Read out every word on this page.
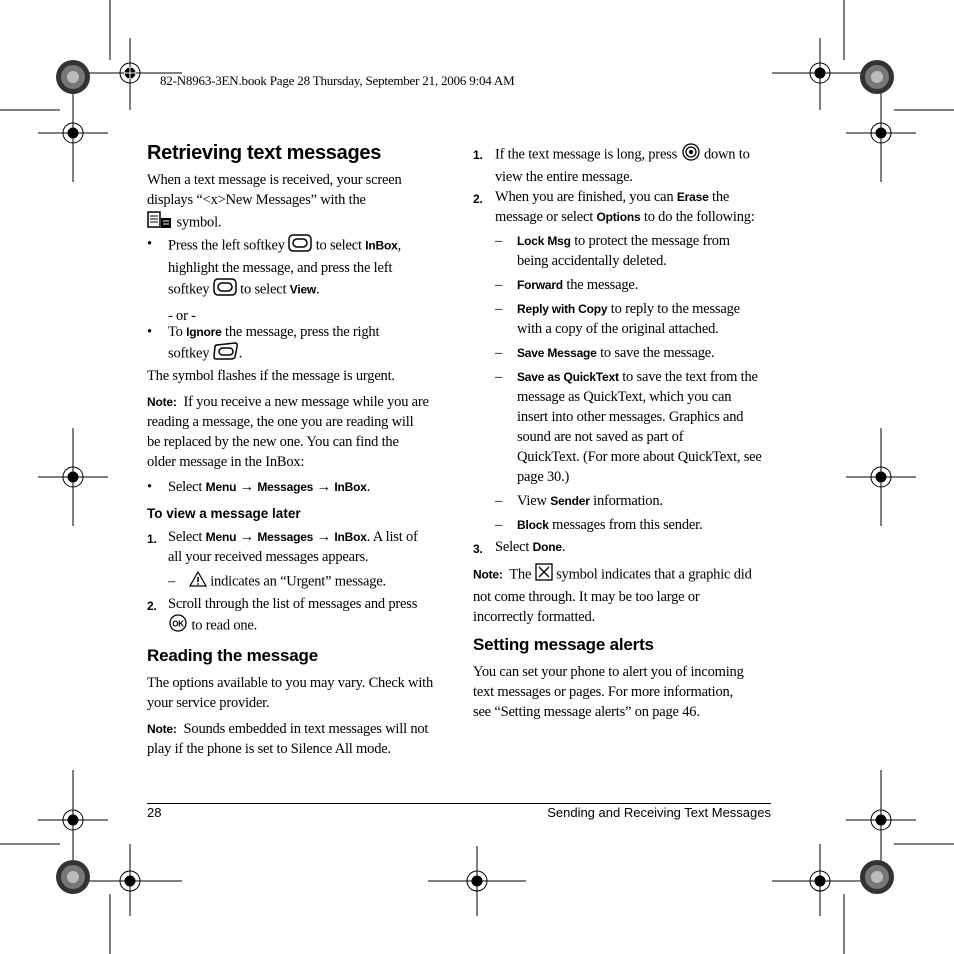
82-N8963-3EN.book Page 28 Thursday, September 21, 2006 9:04 AM
Retrieving text messages

When a text message is received, your screen

displays “<x>New Messages” with the

symbol.

• Press the left softkey to select InBox,

highlight the message, and press the left

softkey to select View.

- or -

• To Ignore the message, press the right

softkey .

The symbol flashes if the message is urgent.

Note: If you receive a new message while you are

reading a message, the one you are reading will

be replaced by the new one. You can find the

older message in the InBox:

• Select Menu → Messages → InBox.

To view a message later
1. Select Menu → Messages → InBox. A list of

all your received messages appears.

–     indicates an “Urgent” message.

2. Scroll through the list of messages and press

OK to read one.

Reading the message

The options available to you may vary. Check with

your service provider.

Note: Sounds embedded in text messages will not

play if the phone is set to Silence All mode.

1. If the text message is long, press down to

view the entire message.

2. When you are finished, you can Erase the

message or select Options to do the following:

– Lock Msg to protect the message from

being accidentally deleted.

– Forward the message.

– Reply with Copy to reply to the message

with a copy of the original attached.

– Save Message to save the message.

– Save as QuickText to save the text from the

message as QuickText, which you can

insert into other messages. Graphics and

sound are not saved as part of

QuickText. (For more about QuickText, see

page 30.)

– View Sender information.

– Block messages from this sender.

3. Select Done.

Note: The symbol indicates that a graphic did

not come through. It may be too large or

incorrectly formatted.

Setting message alerts

You can set your phone to alert you of incoming

text messages or pages. For more information,

see “Setting message alerts” on page 46.

28	Sending and Receiving Text Messages
